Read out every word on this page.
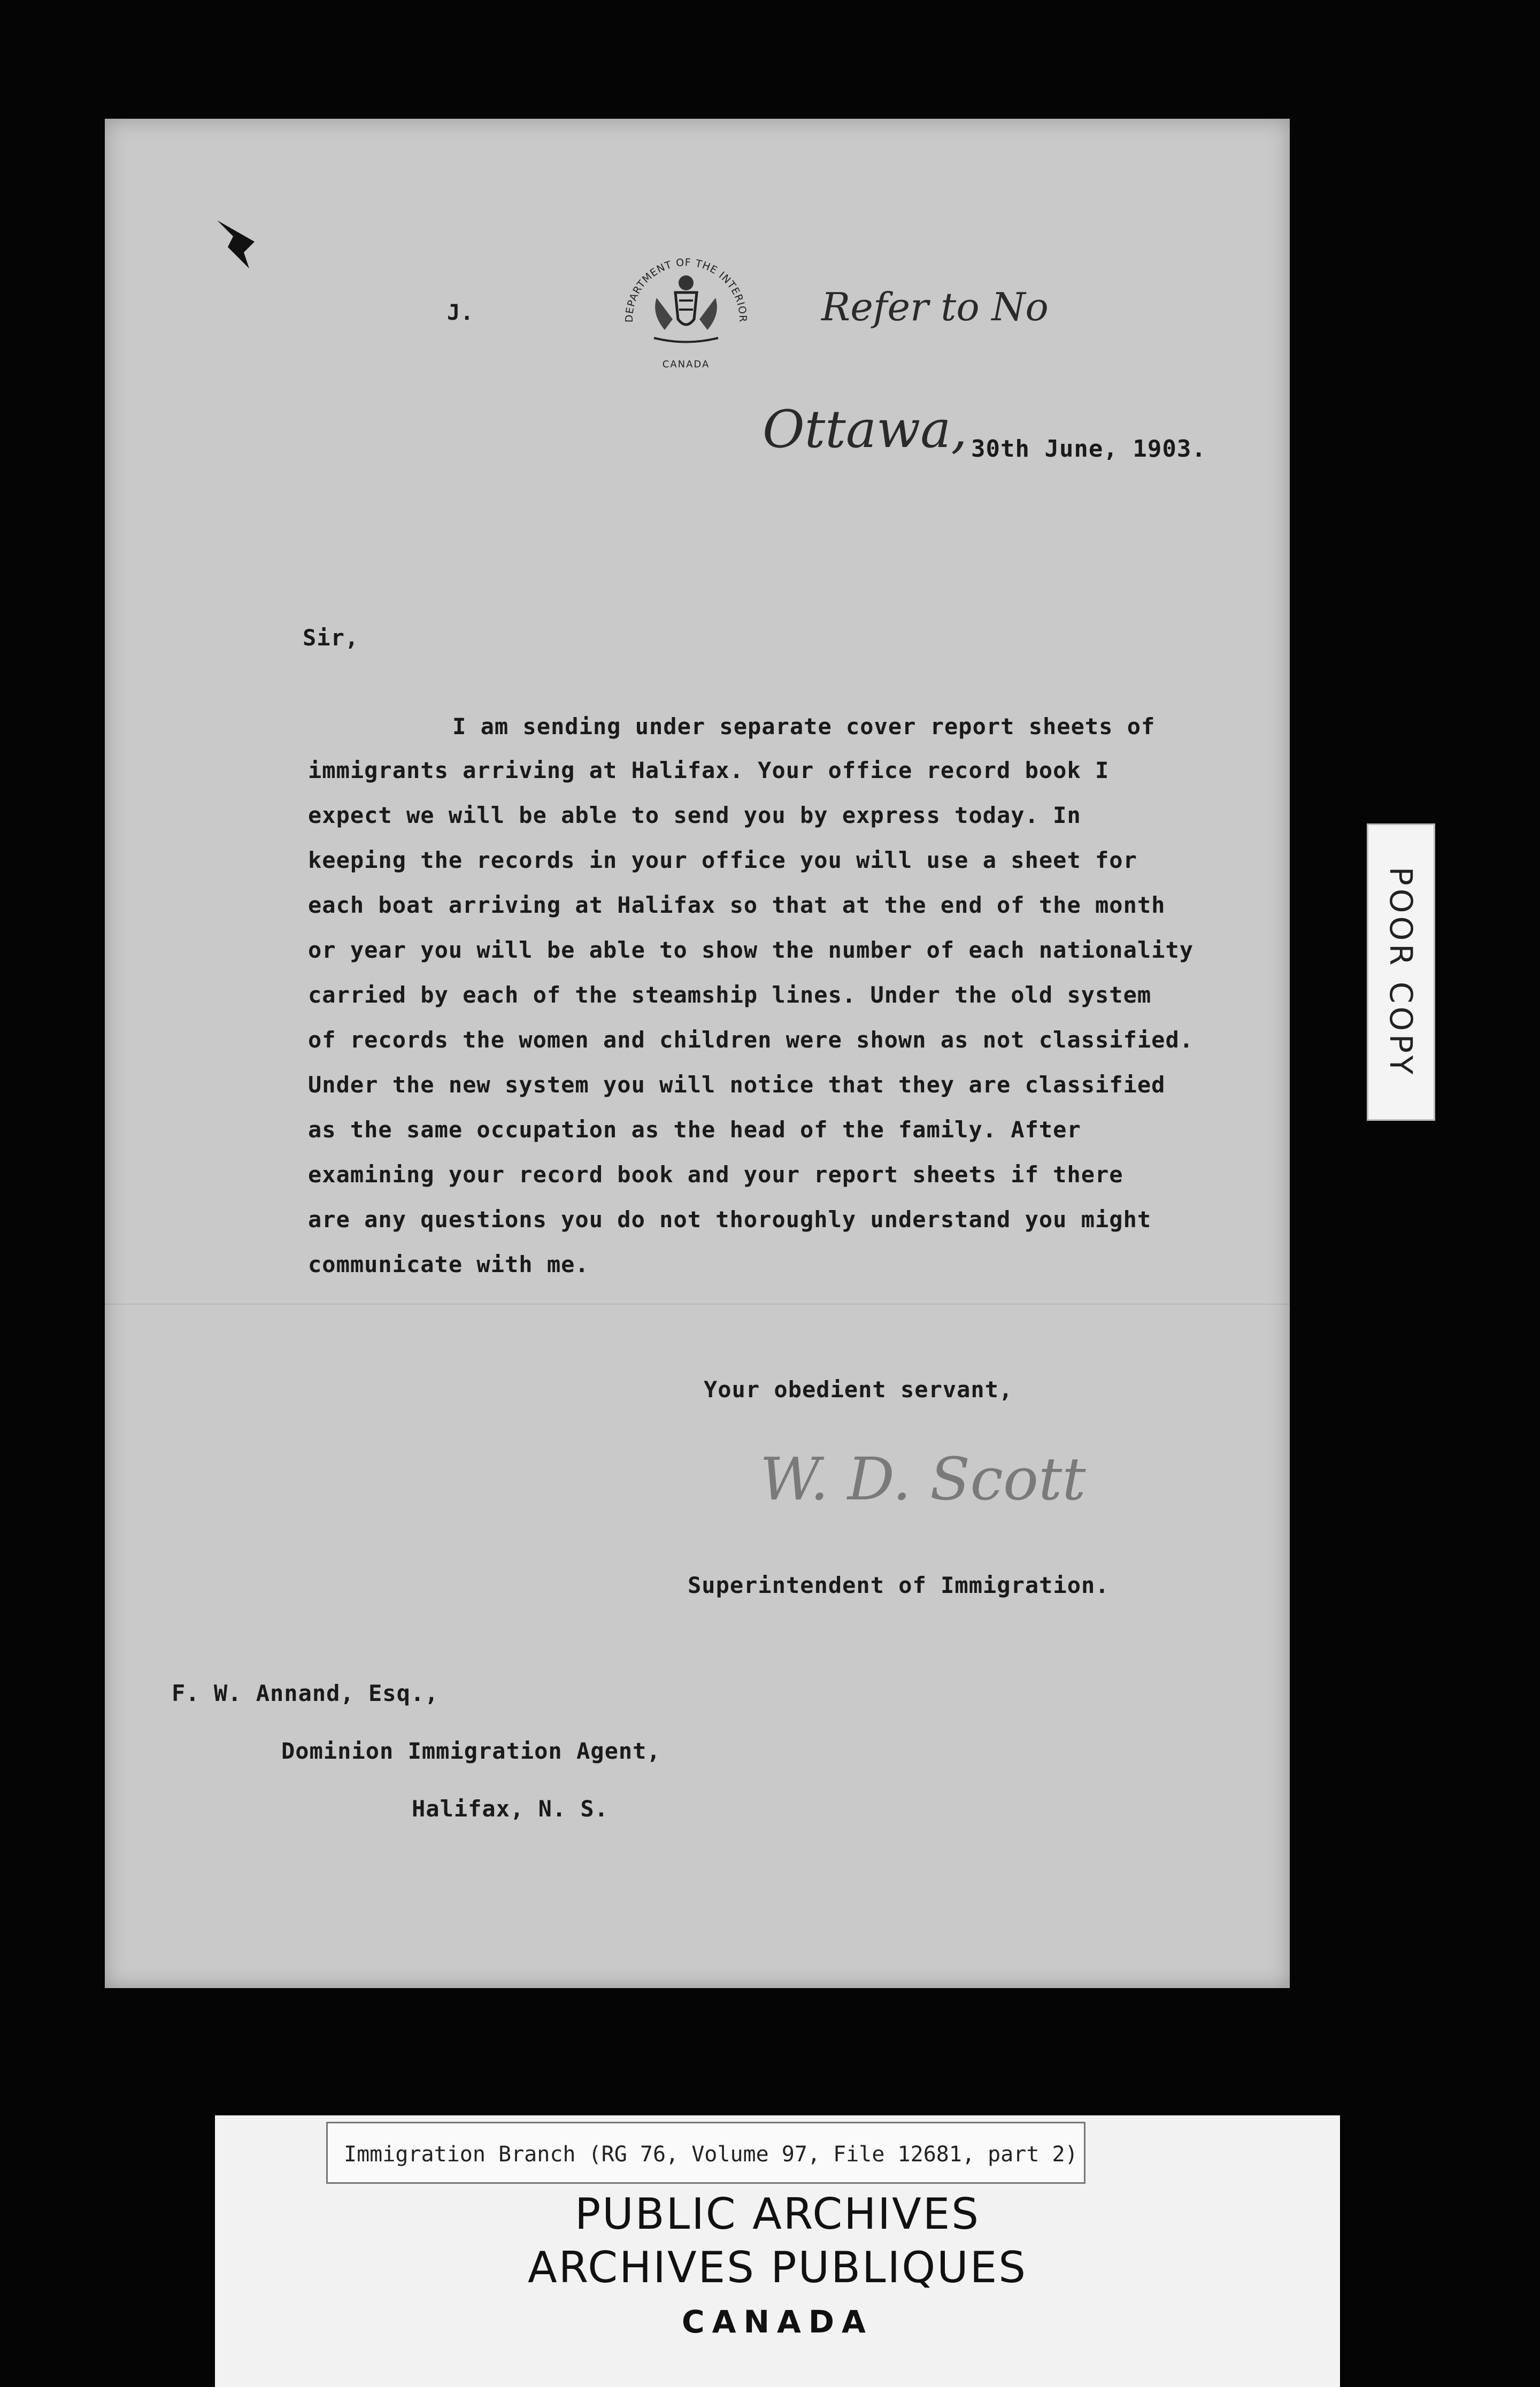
J.	DEPARTMENT OF THE INTERIOR
CANADA
Refer to No
Ottawa, 30th June, 1903.
Sir,
I am sending under separate cover report sheets of
immigrants arriving at Halifax. Your office record book I
expect we will be able to send you by express today. In
keeping the records in your office you will use a sheet for
each boat arriving at Halifax so that at the end of the month
or year you will be able to show the number of each nationality
carried by each of the steamship lines. Under the old system
of records the women and children were shown as not classified.
Under the new system you will notice that they are classified
as the same occupation as the head of the family. After
examining your record book and your report sheets if there
are any questions you do not thoroughly understand you might
communicate with me.
Your obedient servant,
W. D. Scott
Superintendent of Immigration.
F. W. Annand, Esq.,
Dominion Immigration Agent,
Halifax, N. S.
POOR COPY
Immigration Branch (RG 76, Volume 97, File 12681, part 2)
PUBLIC ARCHIVES
ARCHIVES PUBLIQUES
CANADA
